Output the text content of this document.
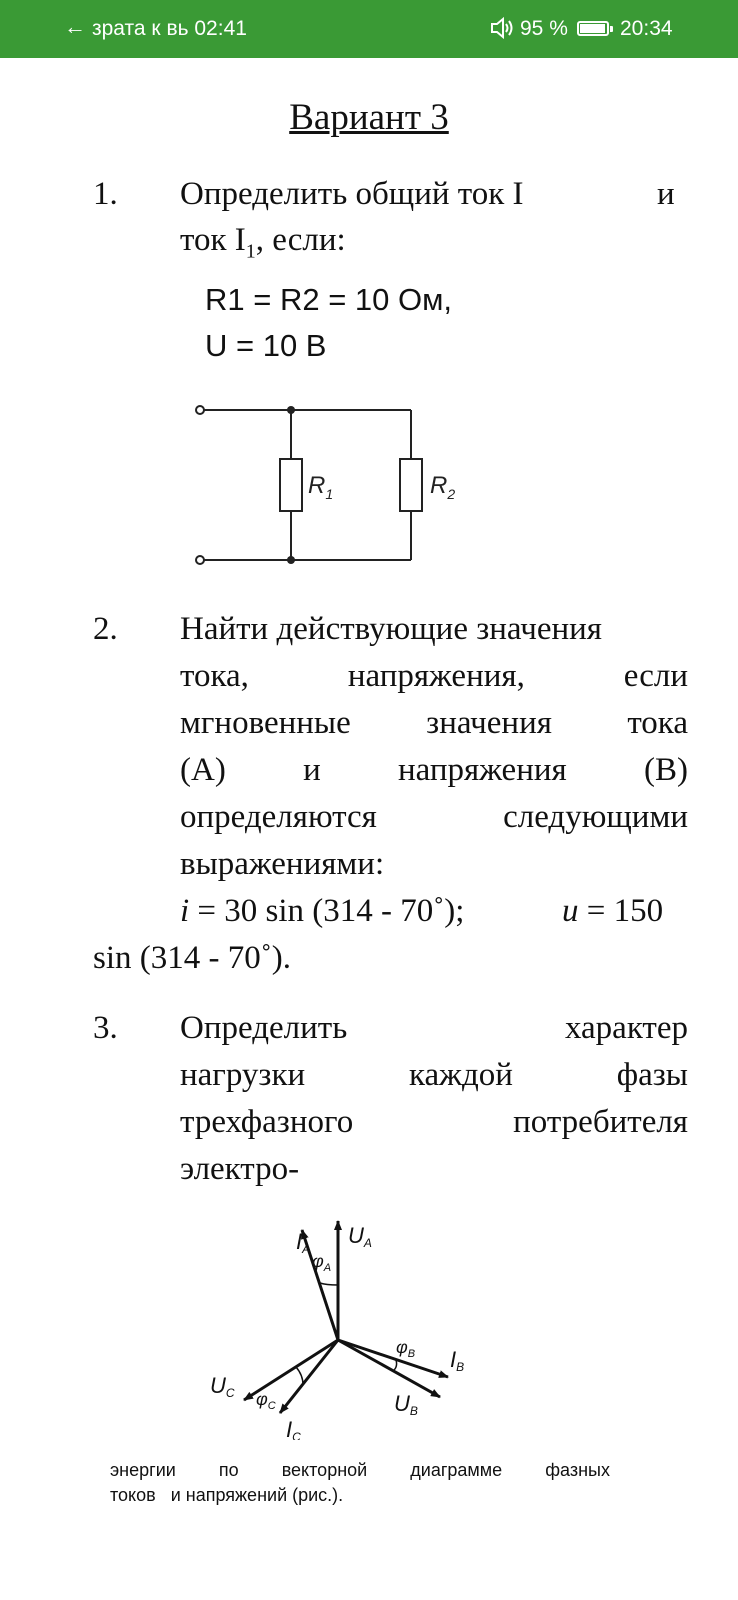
← зрата к вь 02:41	95 % 20:34
Вариант 3
1. Определить общий ток I	и
ток $I_1$, если:
R1 = R2 = 10 Ом,
U = 10 В
$R_1$	$R_2$
2. Найти действующие значения
тока,	напряжения,	если
мгновенные значения тока
(А) и напряжения (В)
определяются	следующими
выражениями:
i = 30 sin (314 - 70˚);	u = 150
sin (314 - 70˚).
3. Определить	характер
нагрузки	каждой	фазы
трехфазного	потребителя
электро-
IA
UA
$\varphi_A$
$\varphi_B$ IB
UB
UC $\varphi_C$
IC
энергии по векторной диаграмме фазных
токов   и напряжений (рис.).
